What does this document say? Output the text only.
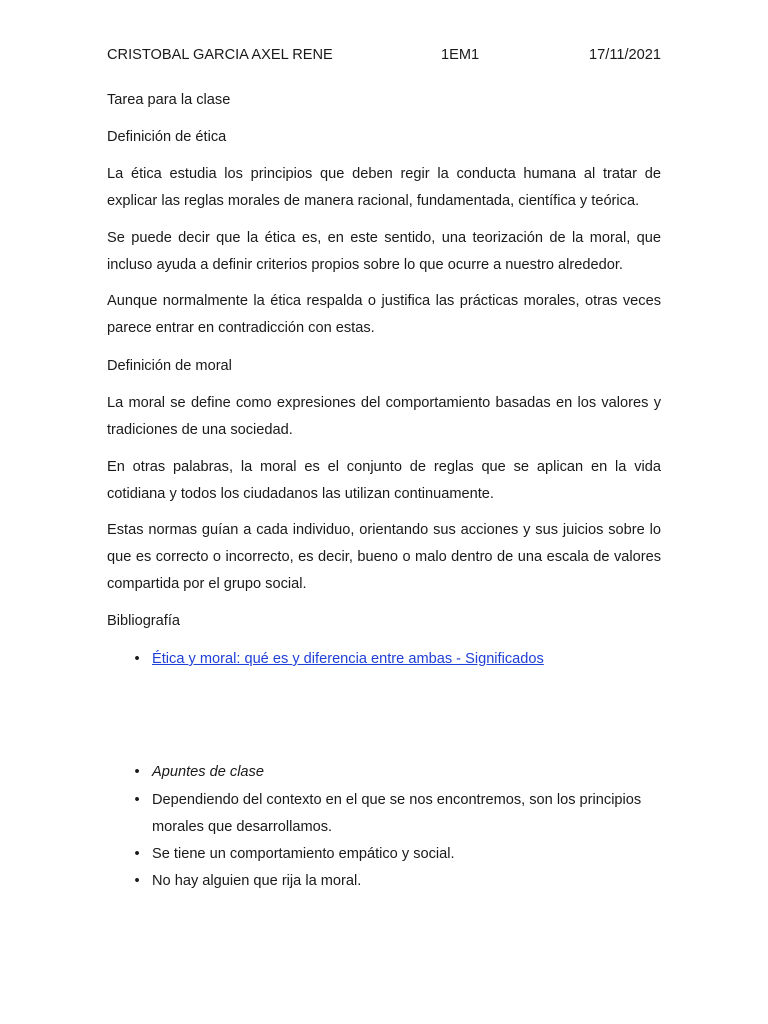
CRISTOBAL GARCIA AXEL RENE	1EM1	17/11/2021
Tarea para la clase
Definición de ética
La ética estudia los principios que deben regir la conducta humana al tratar de explicar las reglas morales de manera racional, fundamentada, científica y teórica.
Se puede decir que la ética es, en este sentido, una teorización de la moral, que incluso ayuda a definir criterios propios sobre lo que ocurre a nuestro alrededor.
Aunque normalmente la ética respalda o justifica las prácticas morales, otras veces parece entrar en contradicción con estas.
Definición de moral
La moral se define como expresiones del comportamiento basadas en los valores y tradiciones de una sociedad.
En otras palabras, la moral es el conjunto de reglas que se aplican en la vida cotidiana y todos los ciudadanos las utilizan continuamente.
Estas normas guían a cada individuo, orientando sus acciones y sus juicios sobre lo que es correcto o incorrecto, es decir, bueno o malo dentro de una escala de valores compartida por el grupo social.
Bibliografía
• Ética y moral: qué es y diferencia entre ambas - Significados
• Apuntes de clase
• Dependiendo del contexto en el que se nos encontremos, son los principios morales que desarrollamos.
• Se tiene un comportamiento empático y social.
• No hay alguien que rija la moral.
